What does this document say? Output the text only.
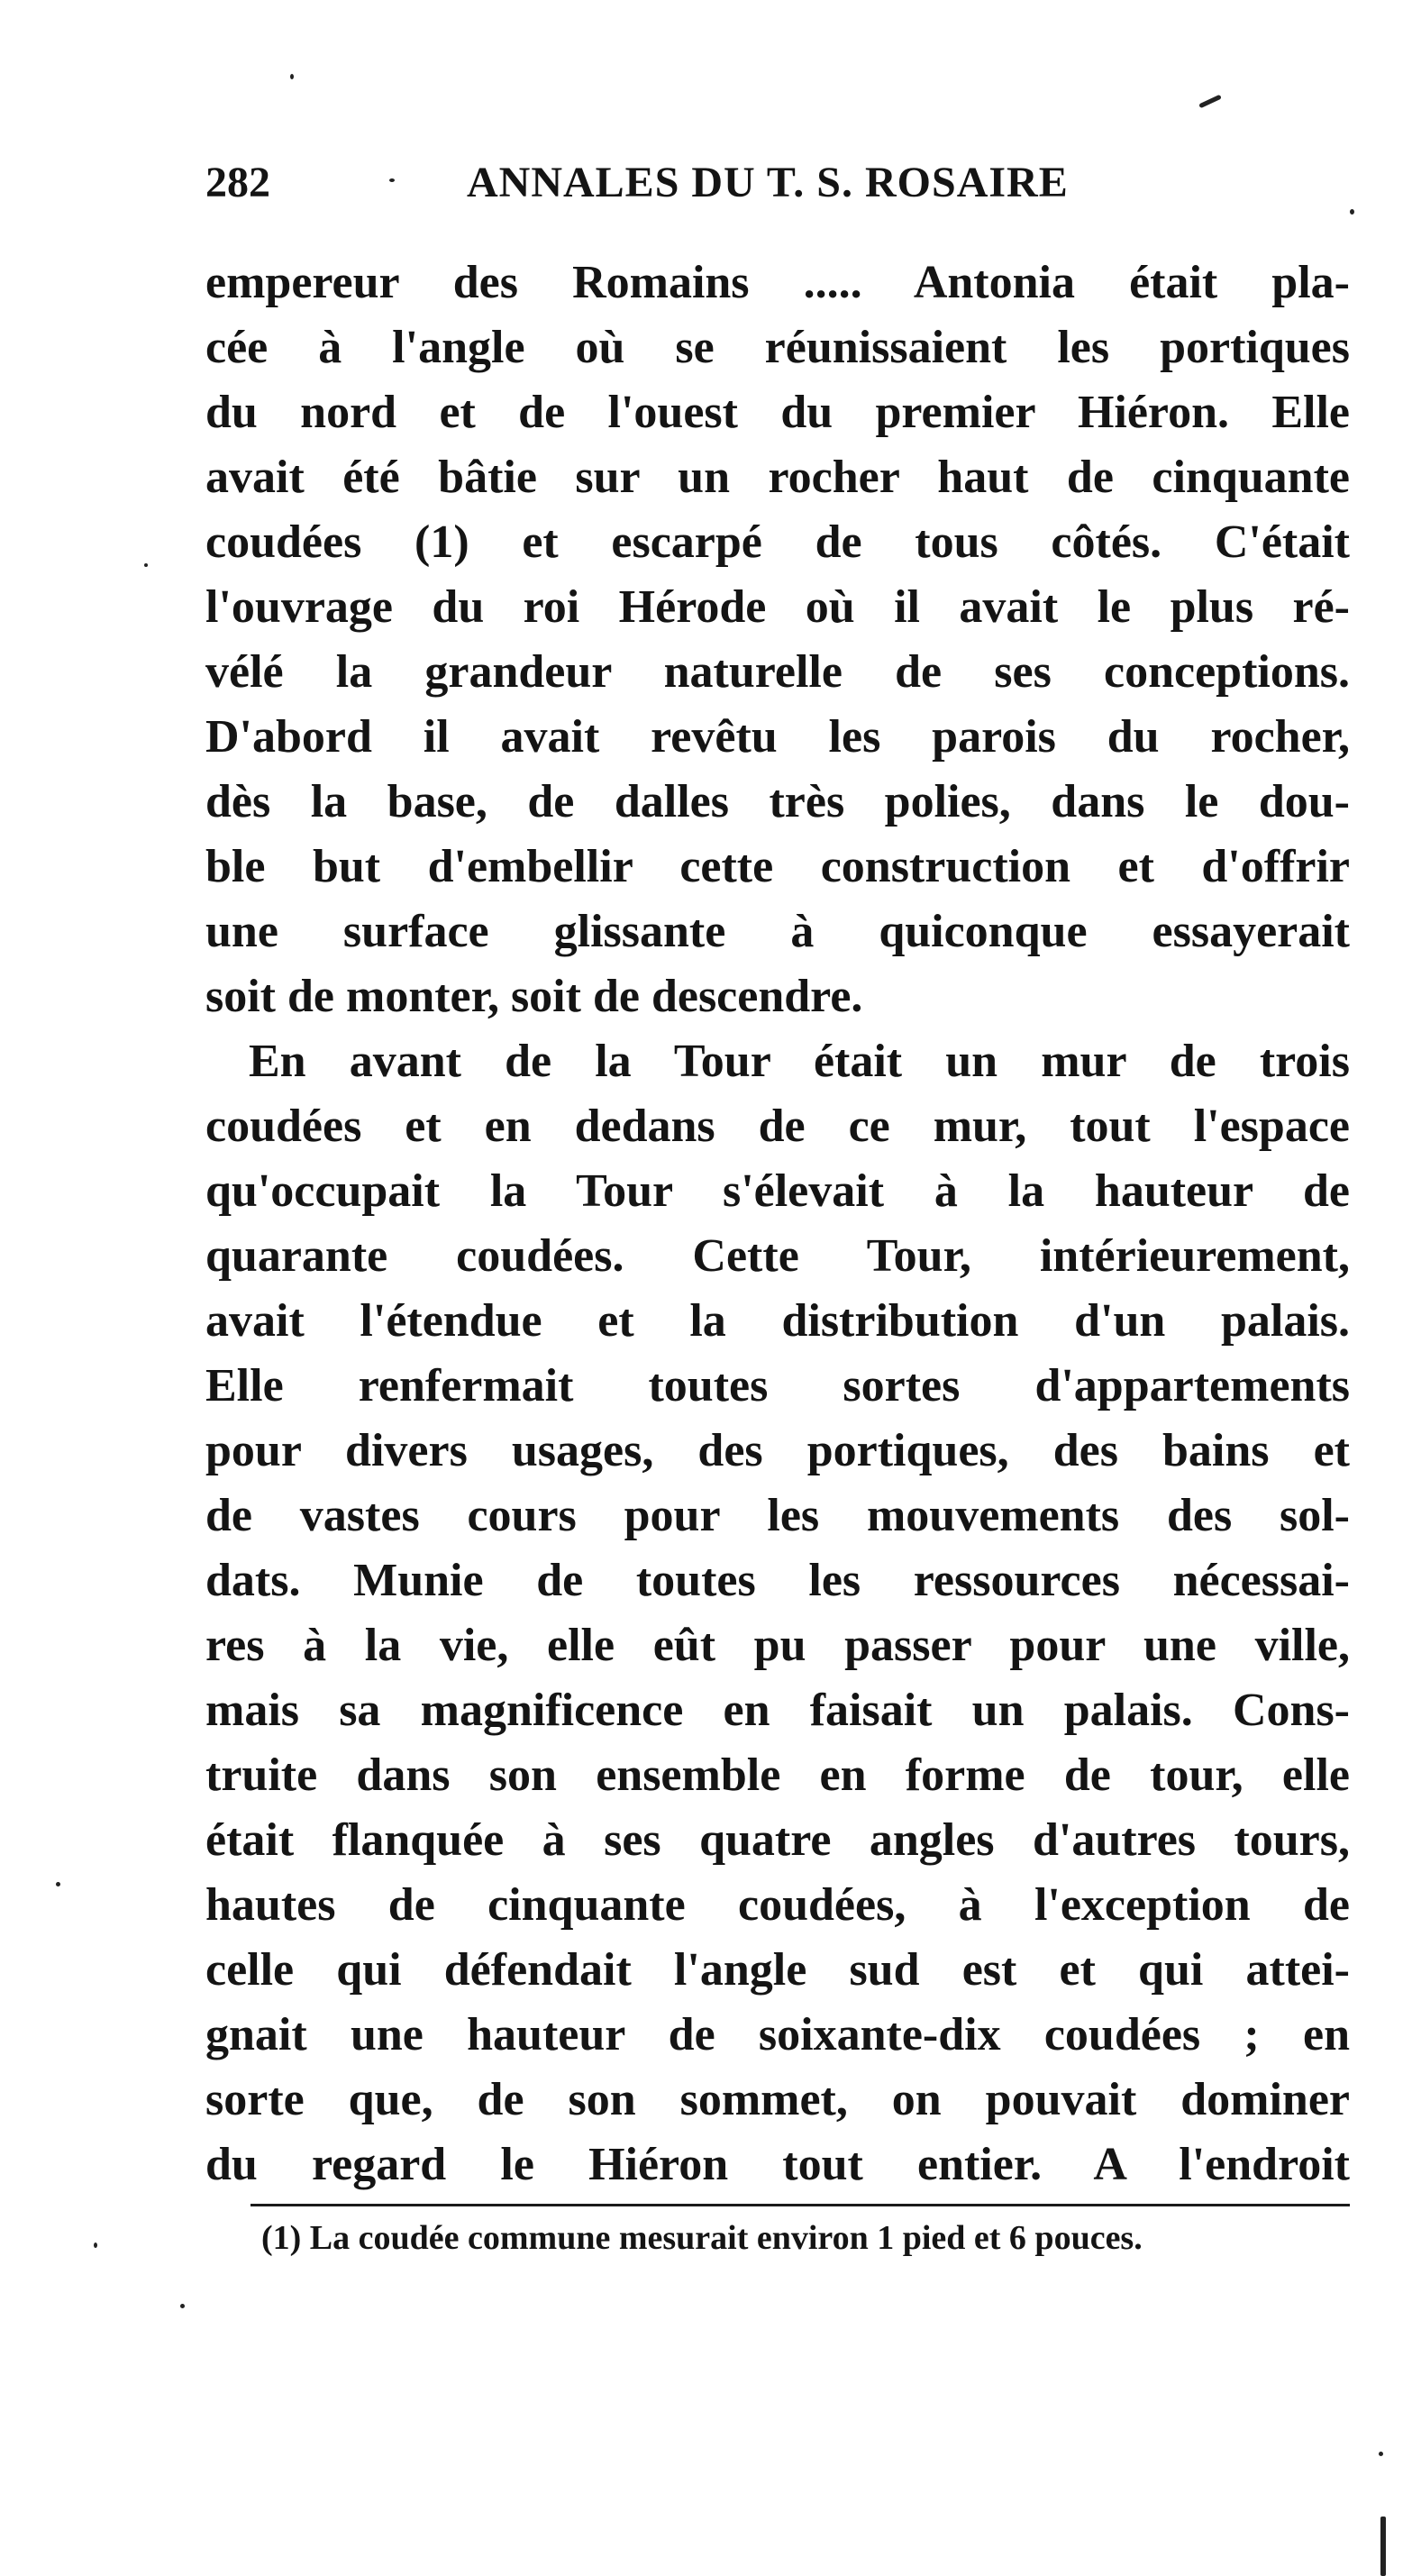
282	ANNALES DU T. S. ROSAIRE
empereur des Romains ..... Antonia était pla-
cée à l'angle où se réunissaient les portiques
du nord et de l'ouest du premier Hiéron. Elle
avait été bâtie sur un rocher haut de cinquante
coudées (1) et escarpé de tous côtés. C'était
l'ouvrage du roi Hérode où il avait le plus ré-
vélé la grandeur naturelle de ses conceptions.
D'abord il avait revêtu les parois du rocher,
dès la base, de dalles très polies, dans le dou-
ble but d'embellir cette construction et d'offrir
une surface glissante à quiconque essayerait
soit de monter, soit de descendre.
En avant de la Tour était un mur de trois
coudées et en dedans de ce mur, tout l'espace
qu'occupait la Tour s'élevait à la hauteur de
quarante coudées. Cette Tour, intérieurement,
avait l'étendue et la distribution d'un palais.
Elle renfermait toutes sortes d'appartements
pour divers usages, des portiques, des bains et
de vastes cours pour les mouvements des sol-
dats. Munie de toutes les ressources nécessai-
res à la vie, elle eût pu passer pour une ville,
mais sa magnificence en faisait un palais. Cons-
truite dans son ensemble en forme de tour, elle
était flanquée à ses quatre angles d'autres tours,
hautes de cinquante coudées, à l'exception de
celle qui défendait l'angle sud est et qui attei-
gnait une hauteur de soixante-dix coudées ; en
sorte que, de son sommet, on pouvait dominer
du regard le Hiéron tout entier. A l'endroit
(1) La coudée commune mesurait environ 1 pied et 6 pouces.
